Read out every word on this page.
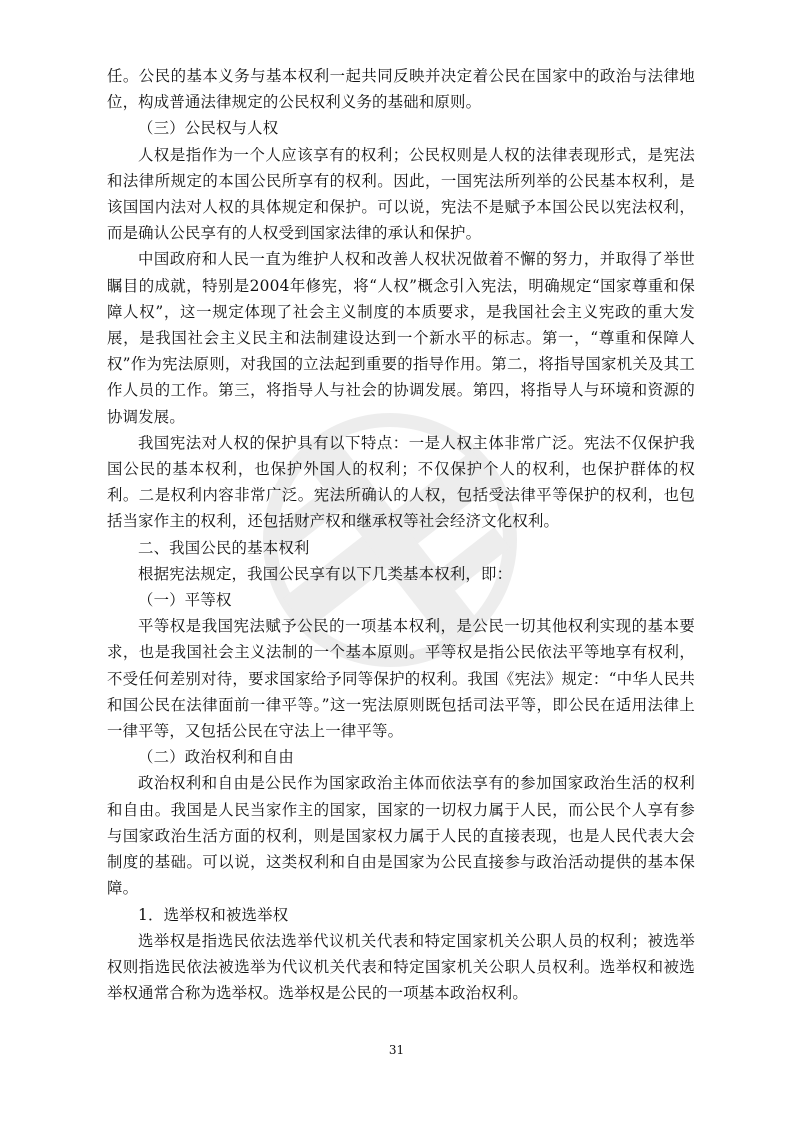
任。公民的基本义务与基本权利一起共同反映并决定着公民在国家中的政治与法律地位，构成普通法律规定的公民权利义务的基础和原则。

（三）公民权与人权

人权是指作为一个人应该享有的权利；公民权则是人权的法律表现形式，是宪法和法律所规定的本国公民所享有的权利。因此，一国宪法所列举的公民基本权利，是该国国内法对人权的具体规定和保护。可以说，宪法不是赋予本国公民以宪法权利，而是确认公民享有的人权受到国家法律的承认和保护。

中国政府和人民一直为维护人权和改善人权状况做着不懈的努力，并取得了举世瞩目的成就，特别是2004年修宪，将“人权”概念引入宪法，明确规定“国家尊重和保障人权”，这一规定体现了社会主义制度的本质要求，是我国社会主义宪政的重大发展，是我国社会主义民主和法制建设达到一个新水平的标志。第一，“尊重和保障人权”作为宪法原则，对我国的立法起到重要的指导作用。第二，将指导国家机关及其工作人员的工作。第三，将指导人与社会的协调发展。第四，将指导人与环境和资源的协调发展。

我国宪法对人权的保护具有以下特点：一是人权主体非常广泛。宪法不仅保护我国公民的基本权利，也保护外国人的权利；不仅保护个人的权利，也保护群体的权利。二是权利内容非常广泛。宪法所确认的人权，包括受法律平等保护的权利，也包括当家作主的权利，还包括财产权和继承权等社会经济文化权利。

二、我国公民的基本权利

根据宪法规定，我国公民享有以下几类基本权利，即：

（一）平等权

平等权是我国宪法赋予公民的一项基本权利，是公民一切其他权利实现的基本要求，也是我国社会主义法制的一个基本原则。平等权是指公民依法平等地享有权利，不受任何差别对待，要求国家给予同等保护的权利。我国《宪法》规定：“中华人民共和国公民在法律面前一律平等。”这一宪法原则既包括司法平等，即公民在适用法律上一律平等，又包括公民在守法上一律平等。

（二）政治权利和自由

政治权利和自由是公民作为国家政治主体而依法享有的参加国家政治生活的权利和自由。我国是人民当家作主的国家，国家的一切权力属于人民，而公民个人享有参与国家政治生活方面的权利，则是国家权力属于人民的直接表现，也是人民代表大会制度的基础。可以说，这类权利和自由是国家为公民直接参与政治活动提供的基本保障。

1．选举权和被选举权

选举权是指选民依法选举代议机关代表和特定国家机关公职人员的权利；被选举权则指选民依法被选举为代议机关代表和特定国家机关公职人员权利。选举权和被选举权通常合称为选举权。选举权是公民的一项基本政治权利。

31
